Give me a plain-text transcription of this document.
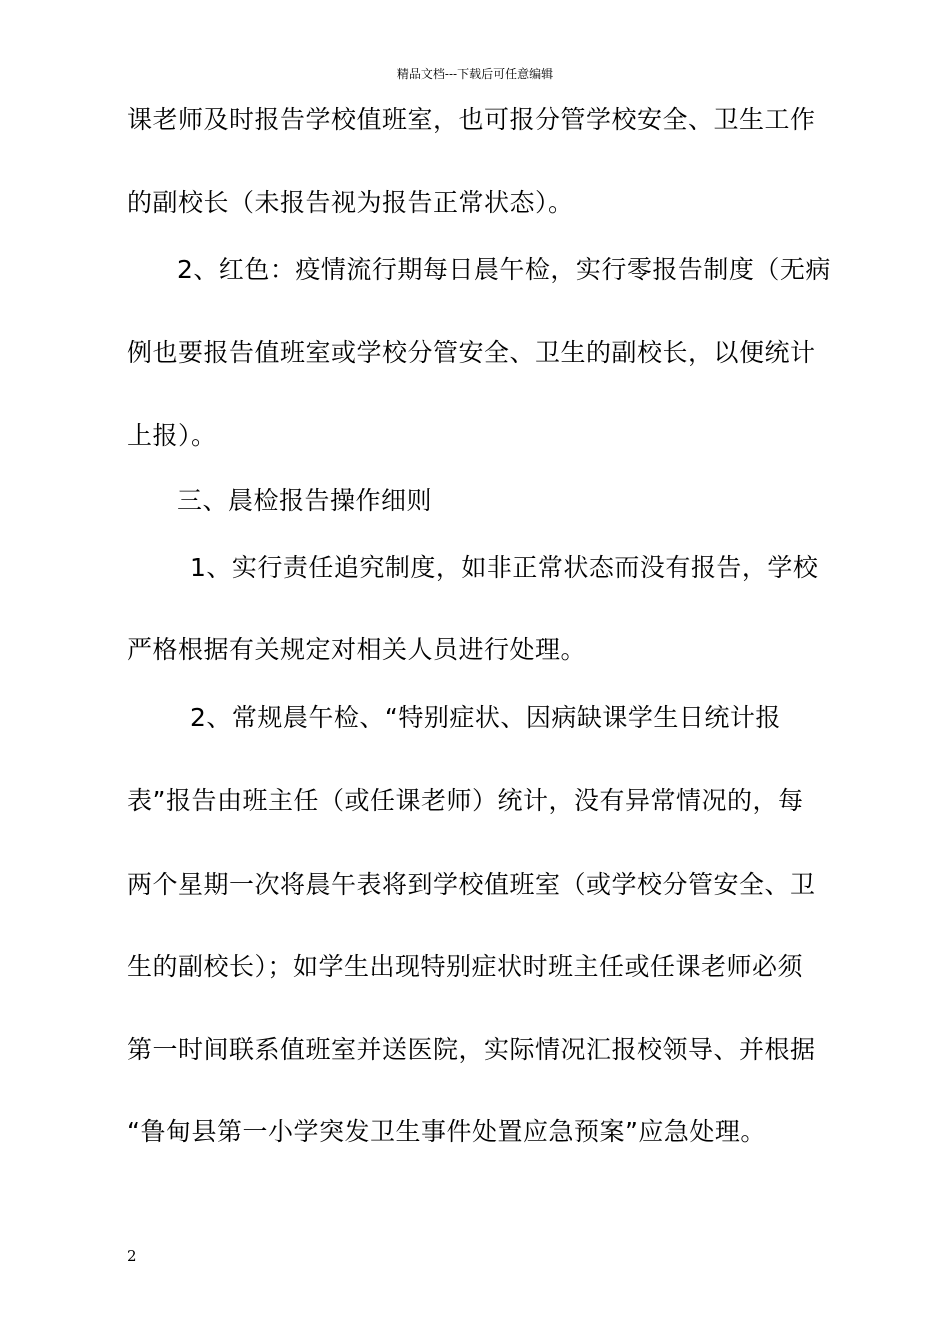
精品文档---下载后可任意编辑
课老师及时报告学校值班室，也可报分管学校安全、卫生工作
的副校长（未报告视为报告正常状态）。
2、红色：疫情流行期每日晨午检，实行零报告制度（无病
例也要报告值班室或学校分管安全、卫生的副校长，以便统计
上报）。
三、晨检报告操作细则
1、实行责任追究制度，如非正常状态而没有报告，学校
严格根据有关规定对相关人员进行处理。
2、常规晨午检、“特别症状、因病缺课学生日统计报
表”报告由班主任（或任课老师）统计，没有异常情况的，每
两个星期一次将晨午表将到学校值班室（或学校分管安全、卫
生的副校长）；如学生出现特别症状时班主任或任课老师必须
第一时间联系值班室并送医院，实际情况汇报校领导、并根据
“鲁甸县第一小学突发卫生事件处置应急预案”应急处理。
2
